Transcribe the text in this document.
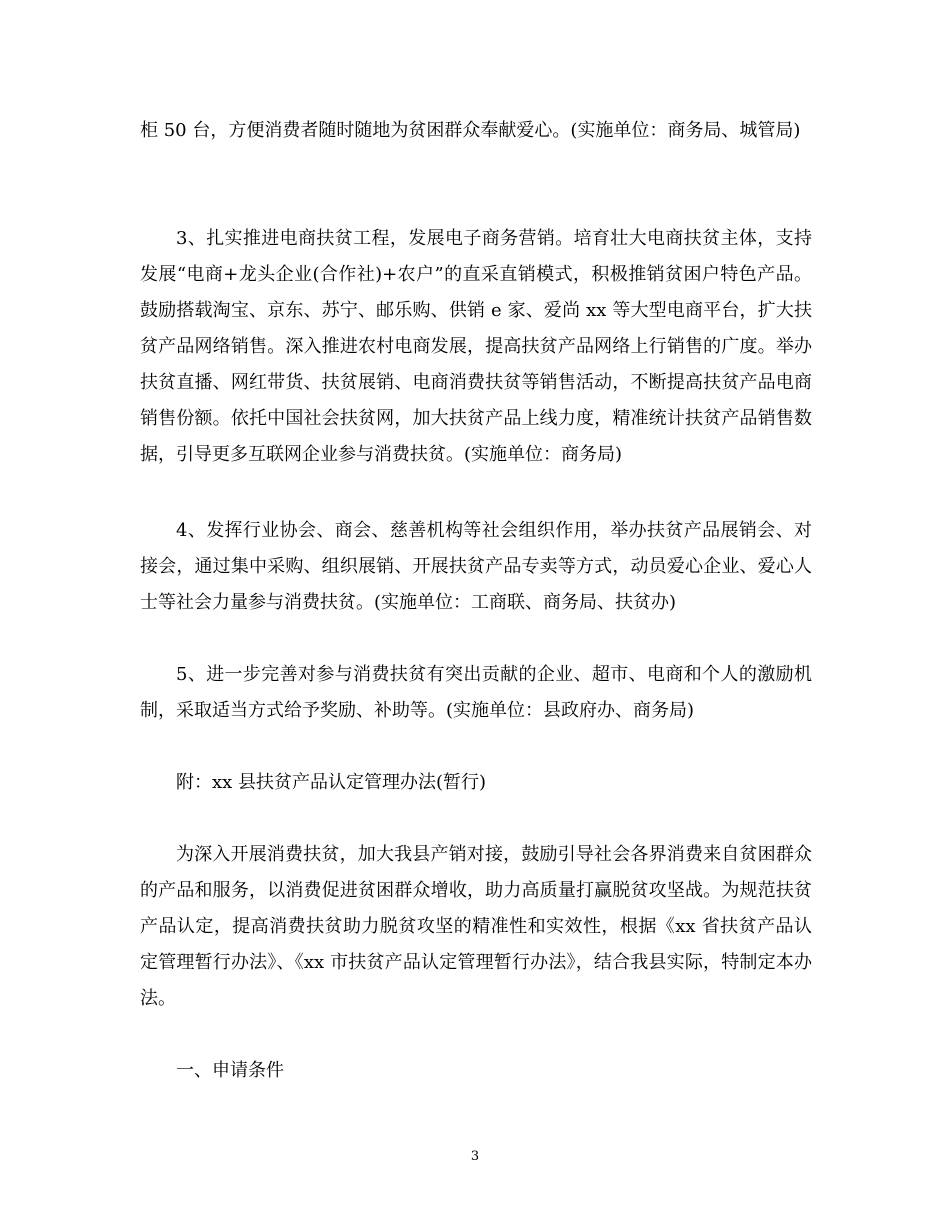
柜 50 台，方便消费者随时随地为贫困群众奉献爱心。(实施单位：商务局、城管局)

3、扎实推进电商扶贫工程，发展电子商务营销。培育壮大电商扶贫主体，支持发展“电商+龙头企业(合作社)+农户”的直采直销模式，积极推销贫困户特色产品。鼓励搭载淘宝、京东、苏宁、邮乐购、供销 e 家、爱尚 xx 等大型电商平台，扩大扶贫产品网络销售。深入推进农村电商发展，提高扶贫产品网络上行销售的广度。举办扶贫直播、网红带货、扶贫展销、电商消费扶贫等销售活动，不断提高扶贫产品电商销售份额。依托中国社会扶贫网，加大扶贫产品上线力度，精准统计扶贫产品销售数据，引导更多互联网企业参与消费扶贫。(实施单位：商务局)

4、发挥行业协会、商会、慈善机构等社会组织作用，举办扶贫产品展销会、对接会，通过集中采购、组织展销、开展扶贫产品专卖等方式，动员爱心企业、爱心人士等社会力量参与消费扶贫。(实施单位：工商联、商务局、扶贫办)

5、进一步完善对参与消费扶贫有突出贡献的企业、超市、电商和个人的激励机制，采取适当方式给予奖励、补助等。(实施单位：县政府办、商务局)

附：xx 县扶贫产品认定管理办法(暂行)

为深入开展消费扶贫，加大我县产销对接，鼓励引导社会各界消费来自贫困群众的产品和服务，以消费促进贫困群众增收，助力高质量打赢脱贫攻坚战。为规范扶贫产品认定，提高消费扶贫助力脱贫攻坚的精准性和实效性，根据《xx 省扶贫产品认定管理暂行办法》、《xx 市扶贫产品认定管理暂行办法》，结合我县实际，特制定本办法。

一、申请条件

3
